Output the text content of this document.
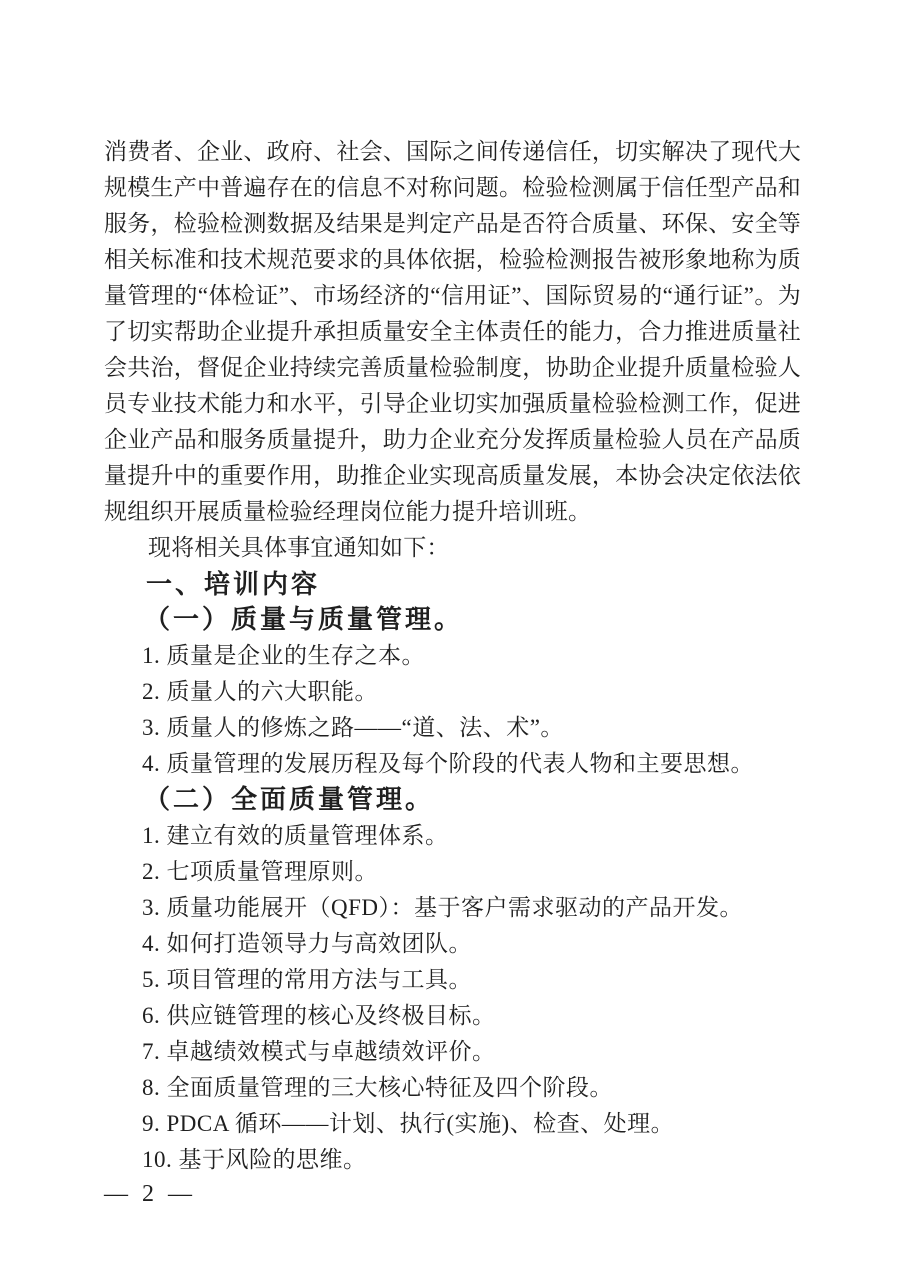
消费者、企业、政府、社会、国际之间传递信任，切实解决了现代大规模生产中普遍存在的信息不对称问题。检验检测属于信任型产品和服务，检验检测数据及结果是判定产品是否符合质量、环保、安全等相关标准和技术规范要求的具体依据，检验检测报告被形象地称为质量管理的“体检证”、市场经济的“信用证”、国际贸易的“通行证”。为了切实帮助企业提升承担质量安全主体责任的能力，合力推进质量社会共治，督促企业持续完善质量检验制度，协助企业提升质量检验人员专业技术能力和水平，引导企业切实加强质量检验检测工作，促进企业产品和服务质量提升，助力企业充分发挥质量检验人员在产品质量提升中的重要作用，助推企业实现高质量发展，本协会决定依法依规组织开展质量检验经理岗位能力提升培训班。

现将相关具体事宜通知如下：

一、培训内容
（一）质量与质量管理。
1. 质量是企业的生存之本。
2. 质量人的六大职能。
3. 质量人的修炼之路——“道、法、术”。
4. 质量管理的发展历程及每个阶段的代表人物和主要思想。
（二）全面质量管理。
1. 建立有效的质量管理体系。
2. 七项质量管理原则。
3. 质量功能展开（QFD）：基于客户需求驱动的产品开发。
4. 如何打造领导力与高效团队。
5. 项目管理的常用方法与工具。
6. 供应链管理的核心及终极目标。
7. 卓越绩效模式与卓越绩效评价。
8. 全面质量管理的三大核心特征及四个阶段。
9. PDCA 循环——计划、执行(实施)、检查、处理。
10. 基于风险的思维。
— 2 —
